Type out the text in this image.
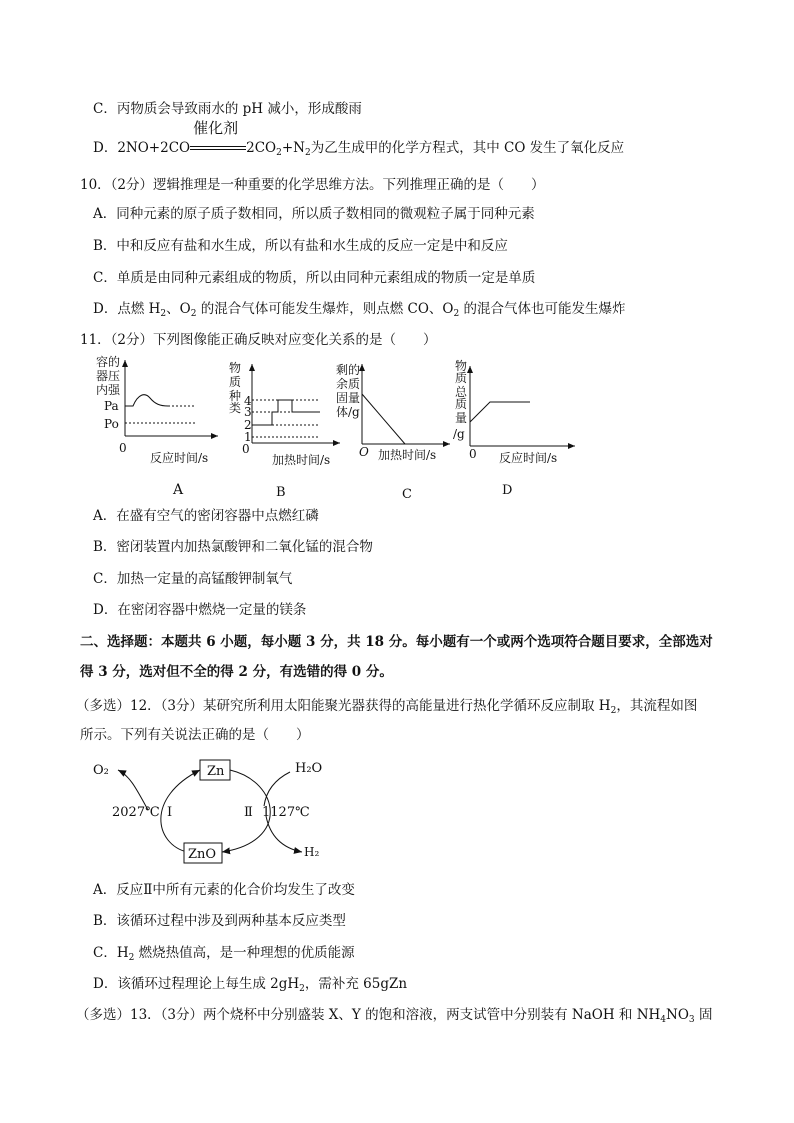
C．丙物质会导致雨水的 pH 减小，形成酸雨
D．2NO+2CO
催化剂
$2CO_2+N_2$为乙生成甲的化学方程式，其中 CO 发生了氧化反应
10．（2分）逻辑推理是一种重要的化学思维方法。下列推理正确的是（　　）
A．同种元素的原子质子数相同，所以质子数相同的微观粒子属于同种元素
B．中和反应有盐和水生成，所以有盐和水生成的反应一定是中和反应
C．单质是由同种元素组成的物质，所以由同种元素组成的物质一定是单质
D．点燃 $H_2$、$O_2$ 的混合气体可能发生爆炸，则点燃 CO、$O_2$ 的混合气体也可能发生爆炸
11．（2分）下列图像能正确反映对应变化关系的是（　　）
容的
器压
内强
Pa
Po
0
反应时间/s
A
物
质
种
类 4
3
2
1
0
加热时间/s
B
剩的
余质
固量
体/g
O 加热时间/s
C
物
质
总
质
量
/g
0 反应时间/s
D
A．在盛有空气的密闭容器中点燃红磷
B．密闭装置内加热氯酸钾和二氧化锰的混合物
C．加热一定量的高锰酸钾制氧气
D．在密闭容器中燃烧一定量的镁条
二、选择题：本题共 6 小题，每小题 3 分，共 18 分。每小题有一个或两个选项符合题目要求，全部选对
得 3 分，选对但不全的得 2 分，有选错的得 0 分。
（多选）12．（3分）某研究所利用太阳能聚光器获得的高能量进行热化学循环反应制取 $H_2$，其流程如图
所示。下列有关说法正确的是（　　）
Zn
ZnO
O₂	H₂O
H₂
2027℃	1127℃
I	Ⅱ
A．反应Ⅱ中所有元素的化合价均发生了改变
B．该循环过程中涉及到两种基本反应类型
C．$H_2$ 燃烧热值高，是一种理想的优质能源
D．该循环过程理论上每生成 $2gH_2$，需补充 65gZn
（多选）13．（3分）两个烧杯中分别盛装 X、Y 的饱和溶液，两支试管中分别装有 NaOH 和 $NH_4NO_3$ 固
